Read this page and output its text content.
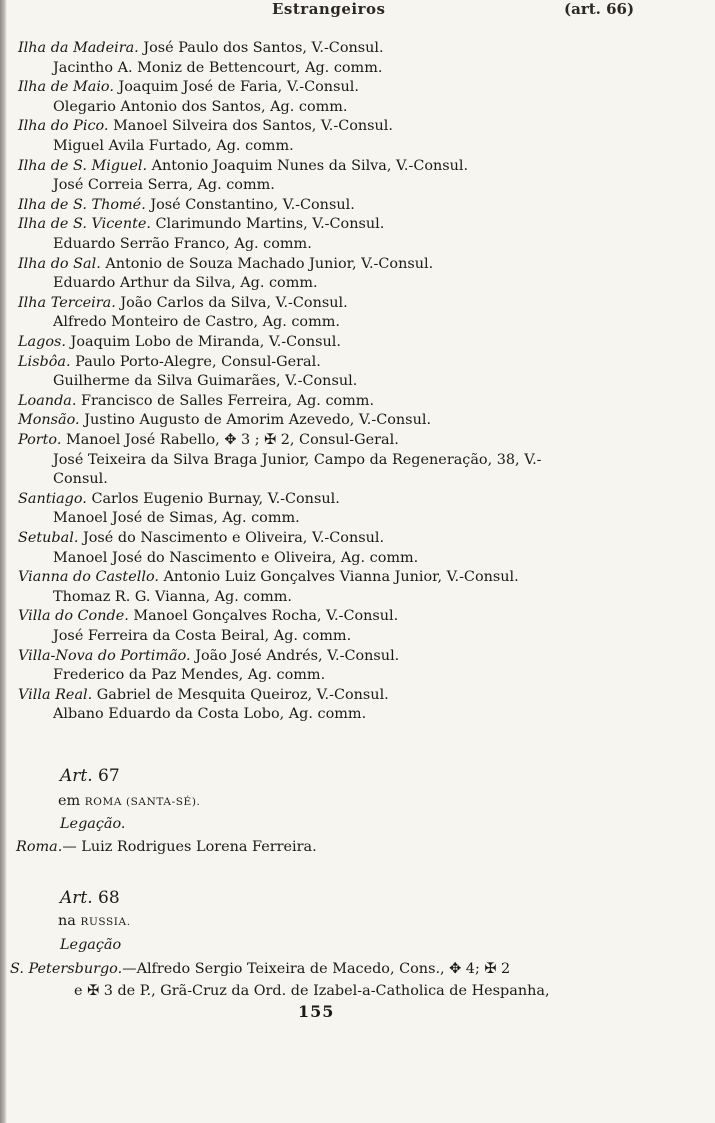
Estrangeiros	(art. 66)
Ilha da Madeira. José Paulo dos Santos, V.-Consul.
Jacintho A. Moniz de Bettencourt, Ag. comm.
Ilha de Maio. Joaquim José de Faria, V.-Consul.
Olegario Antonio dos Santos, Ag. comm.
Ilha do Pico. Manoel Silveira dos Santos, V.-Consul.
Miguel Avila Furtado, Ag. comm.
Ilha de S. Miguel. Antonio Joaquim Nunes da Silva, V.-Consul.
José Correia Serra, Ag. comm.
Ilha de S. Thomé. José Constantino, V.-Consul.
Ilha de S. Vicente. Clarimundo Martins, V.-Consul.
Eduardo Serrão Franco, Ag. comm.
Ilha do Sal. Antonio de Souza Machado Junior, V.-Consul.
Eduardo Arthur da Silva, Ag. comm.
Ilha Terceira. João Carlos da Silva, V.-Consul.
Alfredo Monteiro de Castro, Ag. comm.
Lagos. Joaquim Lobo de Miranda, V.-Consul.
Lisbôa. Paulo Porto-Alegre, Consul-Geral.
Guilherme da Silva Guimarães, V.-Consul.
Loanda. Francisco de Salles Ferreira, Ag. comm.
Monsão. Justino Augusto de Amorim Azevedo, V.-Consul.
Porto. Manoel José Rabello, ✥ 3 ; ✠ 2, Consul-Geral.
José Teixeira da Silva Braga Junior, Campo da Regeneração, 38, V.-
Consul.
Santiago. Carlos Eugenio Burnay, V.-Consul.
Manoel José de Simas, Ag. comm.
Setubal. José do Nascimento e Oliveira, V.-Consul.
Manoel José do Nascimento e Oliveira, Ag. comm.
Vianna do Castello. Antonio Luiz Gonçalves Vianna Junior, V.-Consul.
Thomaz R. G. Vianna, Ag. comm.
Villa do Conde. Manoel Gonçalves Rocha, V.-Consul.
José Ferreira da Costa Beiral, Ag. comm.
Villa-Nova do Portimão. João José Andrés, V.-Consul.
Frederico da Paz Mendes, Ag. comm.
Villa Real. Gabriel de Mesquita Queiroz, V.-Consul.
Albano Eduardo da Costa Lobo, Ag. comm.
Art. 67
em ROMA (SANTA-SÉ).
Legação.
Roma.— Luiz Rodrigues Lorena Ferreira.
Art. 68
na RUSSIA.
Legação
S. Petersburgo.—Alfredo Sergio Teixeira de Macedo, Cons., ✥ 4; ✠ 2
e ✠ 3 de P., Grã-Cruz da Ord. de Izabel-a-Catholica de Hespanha,
155
